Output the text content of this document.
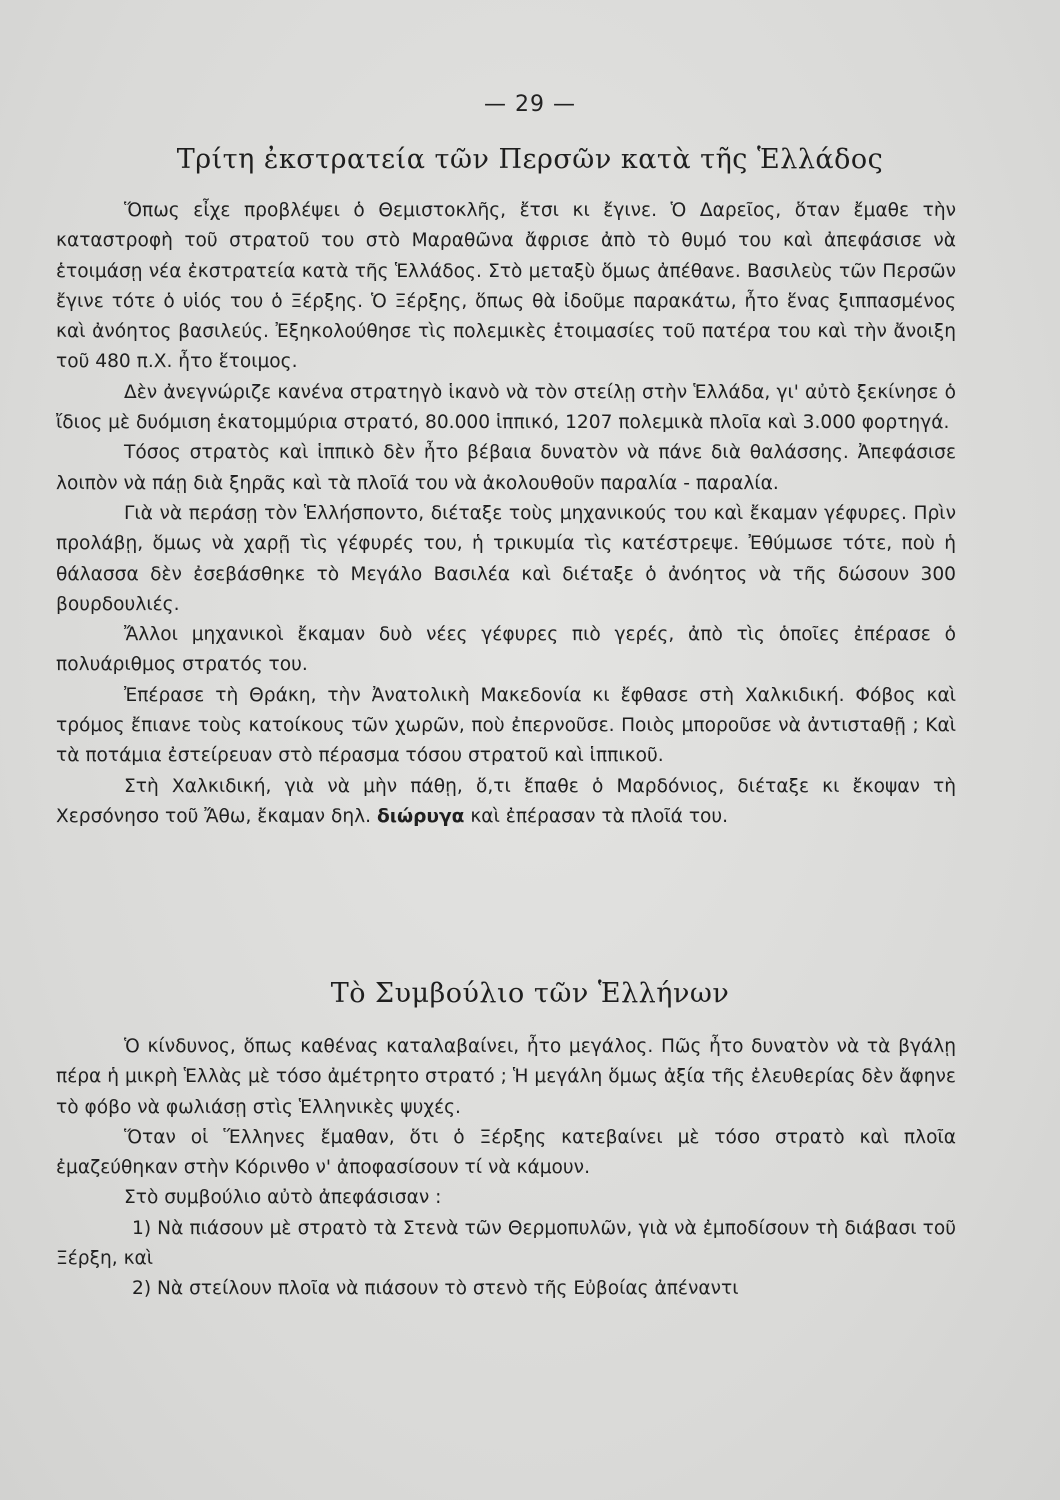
— 29 —
Τρίτη ἐκστρατεία τῶν Περσῶν κατὰ τῆς Ἑλλάδος

Ὅπως εἶχε προβλέψει ὁ Θεμιστοκλῆς, ἔτσι κι ἔγινε. Ὁ Δαρεῖος, ὅταν ἔμαθε τὴν καταστροφὴ τοῦ στρατοῦ του στὸ Μαραθῶνα ἄφρισε ἀπὸ τὸ θυμό του καὶ ἀπεφάσισε νὰ ἑτοιμάσῃ νέα ἐκστρατεία κατὰ τῆς Ἑλλάδος. Στὸ μεταξὺ ὅμως ἀπέθανε. Βασιλεὺς τῶν Περσῶν ἔγινε τότε ὁ υἱός του ὁ Ξέρξης. Ὁ Ξέρξης, ὅπως θὰ ἰδοῦμε παρακάτω, ἦτο ἕνας ξιππασμένος καὶ ἀνόητος βασιλεύς. Ἐξηκολούθησε τὶς πολεμικὲς ἑτοιμασίες τοῦ πατέρα του καὶ τὴν ἄνοιξη τοῦ 480 π.Χ. ἦτο ἕτοιμος.

Δὲν ἀνεγνώριζε κανένα στρατηγὸ ἱκανὸ νὰ τὸν στείλῃ στὴν Ἑλλάδα, γι' αὐτὸ ξεκίνησε ὁ ἴδιος μὲ δυόμιση ἑκατομμύρια στρατό, 80.000 ἱππικό, 1207 πολεμικὰ πλοῖα καὶ 3.000 φορτηγά.

Τόσος στρατὸς καὶ ἱππικὸ δὲν ἦτο βέβαια δυνατὸν νὰ πάνε διὰ θαλάσσης. Ἀπεφάσισε λοιπὸν νὰ πάῃ διὰ ξηρᾶς καὶ τὰ πλοῖά του νὰ ἀκολουθοῦν παραλία - παραλία.

Γιὰ νὰ περάσῃ τὸν Ἑλλήσποντο, διέταξε τοὺς μηχανικούς του καὶ ἔκαμαν γέφυρες. Πρὶν προλάβῃ, ὅμως νὰ χαρῇ τὶς γέφυρές του, ἡ τρικυμία τὶς κατέστρεψε. Ἐθύμωσε τότε, ποὺ ἡ θάλασσα δὲν ἐσεβάσθηκε τὸ Μεγάλο Βασιλέα καὶ διέταξε ὁ ἀνόητος νὰ τῆς δώσουν 300 βουρδουλιές.

Ἄλλοι μηχανικοὶ ἔκαμαν δυὸ νέες γέφυρες πιὸ γερές, ἀπὸ τὶς ὁποῖες ἐπέρασε ὁ πολυάριθμος στρατός του.

Ἐπέρασε τὴ Θράκη, τὴν Ἀνατολικὴ Μακεδονία κι ἔφθασε στὴ Χαλκιδική. Φόβος καὶ τρόμος ἔπιανε τοὺς κατοίκους τῶν χωρῶν, ποὺ ἐπερνοῦσε. Ποιὸς μποροῦσε νὰ ἀντισταθῇ ; Καὶ τὰ ποτάμια ἐστείρευαν στὸ πέρασμα τόσου στρατοῦ καὶ ἱππικοῦ.

Στὴ Χαλκιδική, γιὰ νὰ μὴν πάθῃ, ὅ,τι ἔπαθε ὁ Μαρδόνιος, διέταξε κι ἔκοψαν τὴ Χερσόνησο τοῦ Ἄθω, ἔκαμαν δηλ. διώρυγα καὶ ἐπέρασαν τὰ πλοῖά του.

Τὸ Συμβούλιο τῶν Ἑλλήνων

Ὁ κίνδυνος, ὅπως καθένας καταλαβαίνει, ἦτο μεγάλος. Πῶς ἦτο δυνατὸν νὰ τὰ βγάλῃ πέρα ἡ μικρὴ Ἑλλὰς μὲ τόσο ἀμέτρητο στρατό ; Ἡ μεγάλη ὅμως ἀξία τῆς ἐλευθερίας δὲν ἄφηνε τὸ φόβο νὰ φωλιάσῃ στὶς Ἑλληνικὲς ψυχές.

Ὅταν οἱ Ἕλληνες ἔμαθαν, ὅτι ὁ Ξέρξης κατεβαίνει μὲ τόσο στρατὸ καὶ πλοῖα ἐμαζεύθηκαν στὴν Κόρινθο ν' ἀποφασίσουν τί νὰ κάμουν.

Στὸ συμβούλιο αὐτὸ ἀπεφάσισαν :

1) Νὰ πιάσουν μὲ στρατὸ τὰ Στενὰ τῶν Θερμοπυλῶν, γιὰ νὰ ἐμποδίσουν τὴ διάβασι τοῦ Ξέρξη, καὶ

2) Νὰ στείλουν πλοῖα νὰ πιάσουν τὸ στενὸ τῆς Εὐβοίας ἀπέναντι
